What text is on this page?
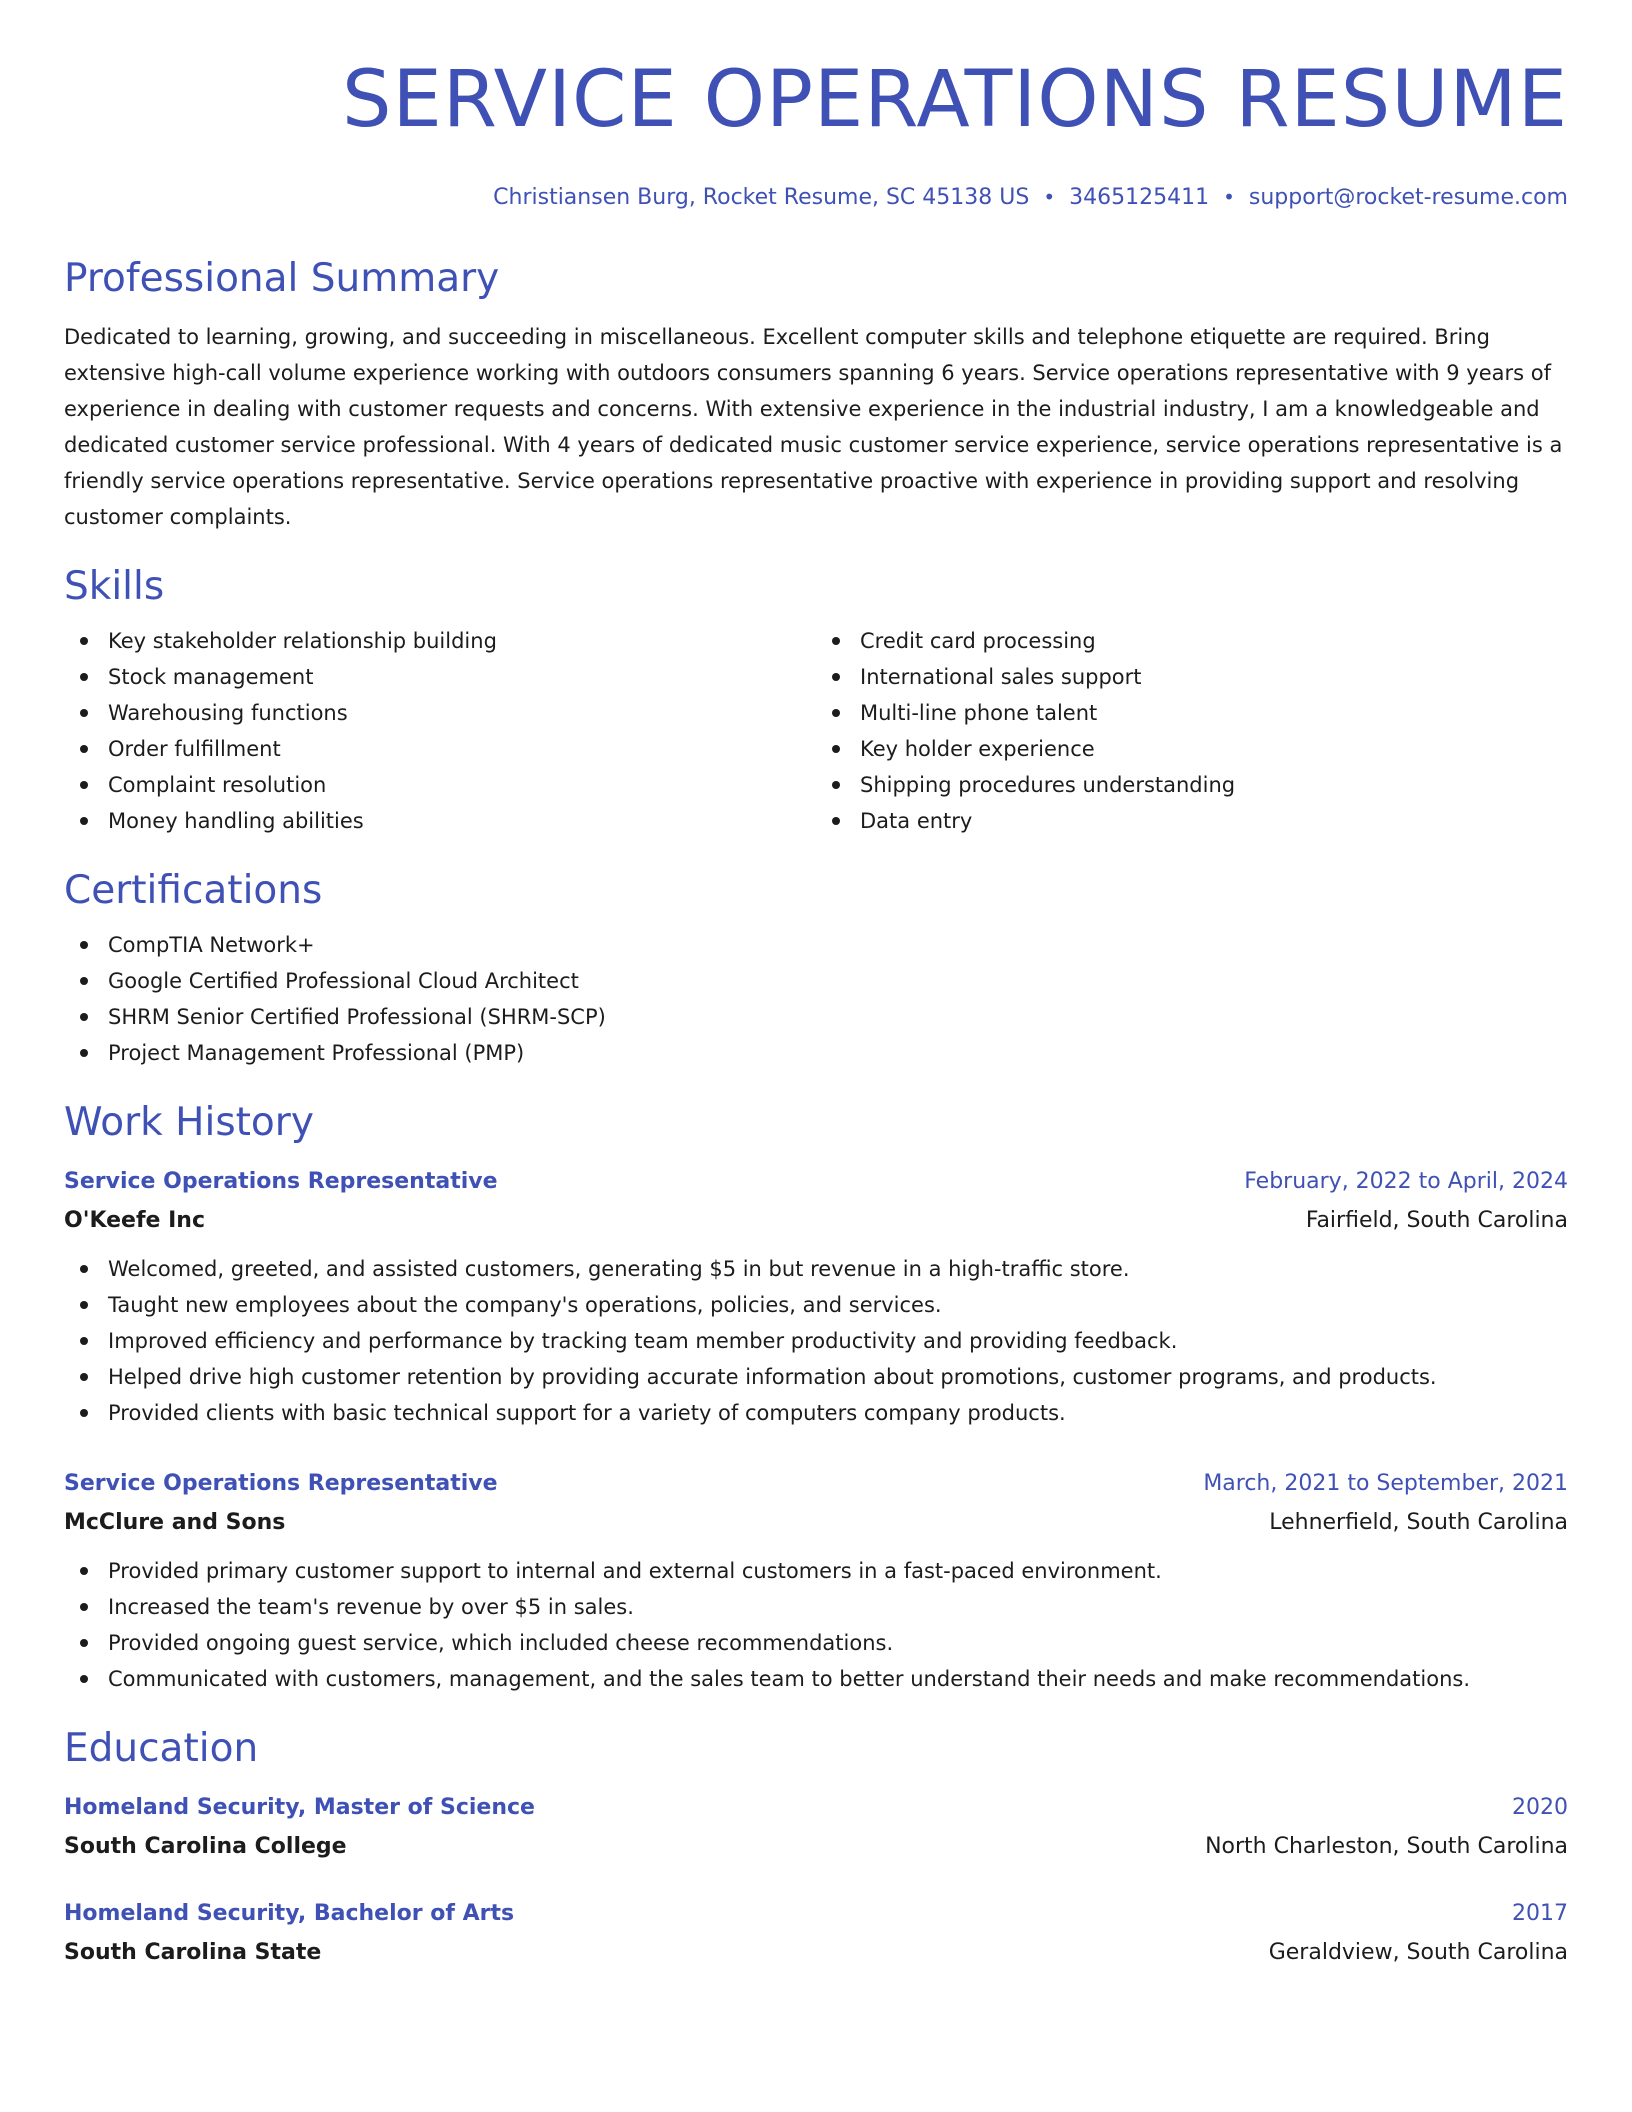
SERVICE OPERATIONS RESUME
Christiansen Burg, Rocket Resume, SC 45138 US • 3465125411 • support@rocket-resume.com
Professional Summary

Dedicated to learning, growing, and succeeding in miscellaneous. Excellent computer skills and telephone etiquette are required. Bring extensive high-call volume experience working with outdoors consumers spanning 6 years. Service operations representative with 9 years of experience in dealing with customer requests and concerns. With extensive experience in the industrial industry, I am a knowledgeable and dedicated customer service professional. With 4 years of dedicated music customer service experience, service operations representative is a friendly service operations representative. Service operations representative proactive with experience in providing support and resolving customer complaints.

Skills
Key stakeholder relationship building
Stock management
Warehousing functions
Order fulfillment
Complaint resolution
Money handling abilities
Credit card processing
International sales support
Multi-line phone talent
Key holder experience
Shipping procedures understanding
Data entry
Certifications
CompTIA Network+
Google Certified Professional Cloud Architect
SHRM Senior Certified Professional (SHRM-SCP)
Project Management Professional (PMP)
Work History
Service Operations Representative	February, 2022 to April, 2024
O'Keefe Inc	Fairfield, South Carolina
Welcomed, greeted, and assisted customers, generating $5 in but revenue in a high-traffic store.
Taught new employees about the company's operations, policies, and services.
Improved efficiency and performance by tracking team member productivity and providing feedback.
Helped drive high customer retention by providing accurate information about promotions, customer programs, and products.
Provided clients with basic technical support for a variety of computers company products.
Service Operations Representative	March, 2021 to September, 2021
McClure and Sons	Lehnerfield, South Carolina
Provided primary customer support to internal and external customers in a fast-paced environment.
Increased the team's revenue by over $5 in sales.
Provided ongoing guest service, which included cheese recommendations.
Communicated with customers, management, and the sales team to better understand their needs and make recommendations.
Education
Homeland Security, Master of Science	2020
South Carolina College	North Charleston, South Carolina
Homeland Security, Bachelor of Arts	2017
South Carolina State	Geraldview, South Carolina
